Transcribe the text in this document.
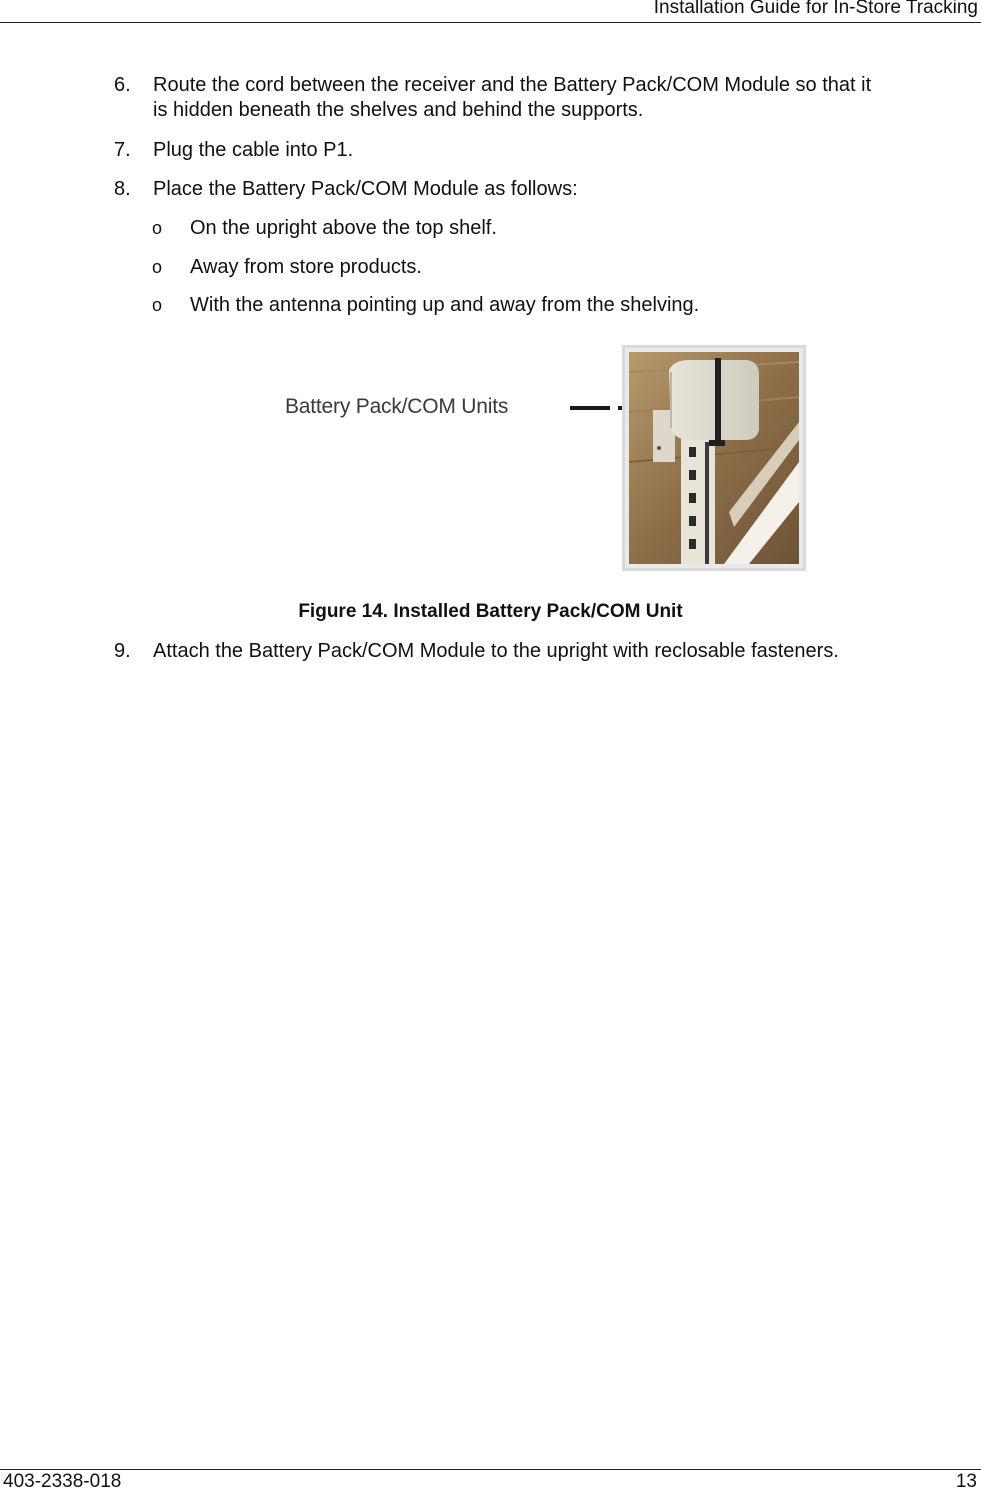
Installation Guide for In-Store Tracking
6.	Route the cord between the receiver and the Battery Pack/COM Module so that it
is hidden beneath the shelves and behind the supports.
7.	Plug the cable into P1.
8.	Place the Battery Pack/COM Module as follows:
o On the upright above the top shelf.
o Away from store products.
o With the antenna pointing up and away from the shelving.
Battery Pack/COM Units
Figure 14. Installed Battery Pack/COM Unit
9.	Attach the Battery Pack/COM Module to the upright with reclosable fasteners.
403-2338-018	13
